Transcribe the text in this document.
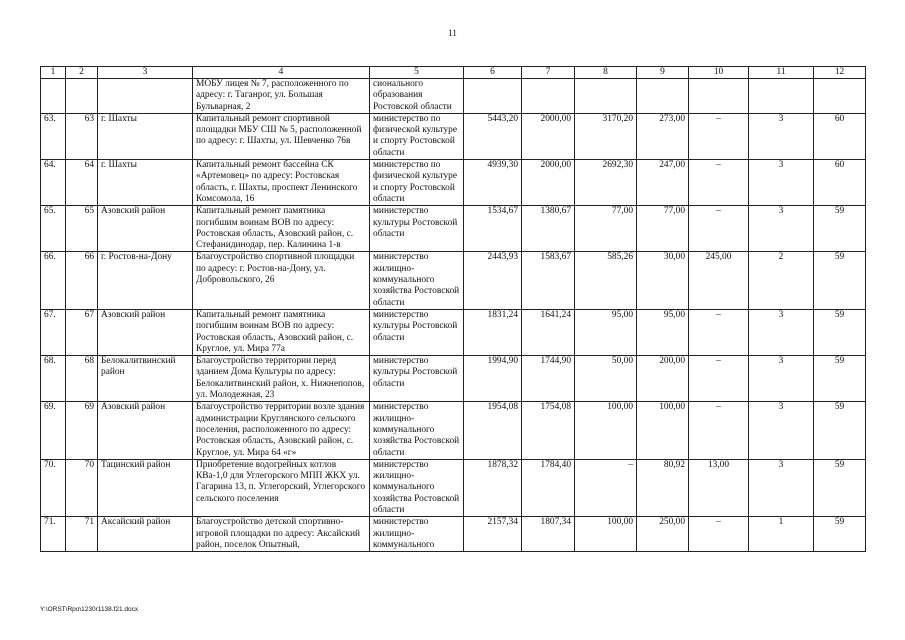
11
1	2	3	4	5	6	7	8	9	10	11	12
			МОБУ лицея № 7, расположенного по адресу: г. Таганрог, ул. Большая Бульварная, 2	сионального образования Ростовской области							
63.	63	г. Шахты	Капитальный ремонт спортивной площадки МБУ СШ № 5, расположенной по адресу: г. Шахты, ул. Шевченко 76в	министерство по физической культуре и спорту Ростовской области	5443,20	2000,00	3170,20	273,00	–	3	60
64.	64	г. Шахты	Капитальный ремонт бассейна СК «Артемовец» по адресу: Ростовская область, г. Шахты, проспект Ленинского Комсомола, 16	министерство по физической культуре и спорту Ростовской области	4939,30	2000,00	2692,30	247,00	–	3	60
65.	65	Азовский район	Капитальный ремонт памятника погибшим воинам ВОВ по адресу: Ростовская область, Азовский район, с. Стефанидинодар, пер. Калинина 1-в	министерство культуры Ростовской области	1534,67	1380,67	77,00	77,00	–	3	59
66.	66	г. Ростов-на-Дону	Благоустройство спортивной площадки по адресу: г. Ростов-на-Дону, ул. Добровольского, 26	министерство жилищно-коммунального хозяйства Ростовской области	2443,93	1583,67	585,26	30,00	245,00	2	59
67.	67	Азовский район	Капитальный ремонт памятника погибшим воинам ВОВ по адресу: Ростовская область, Азовский район, с. Круглое, ул. Мира 77а	министерство культуры Ростовской области	1831,24	1641,24	95,00	95,00	–	3	59
68.	68	Белокалитвинский район	Благоустройство территории перед зданием Дома Культуры по адресу: Белокалитвинский район, х. Нижнепопов, ул. Молодежная, 23	министерство культуры Ростовской области	1994,90	1744,90	50,00	200,00	–	3	59
69.	69	Азовский район	Благоустройство территории возле здания администрации Круглянского сельского поселения, расположенного по адресу: Ростовская область, Азовский район, с. Круглое, ул. Мира 64 «г»	министерство жилищно-коммунального хозяйства Ростовской области	1954,08	1754,08	100,00	100,00	–	3	59
70.	70	Тацинский район	Приобретение водогрейных котлов КВа-1,0 для Углегорского МПП ЖКХ ул. Гагарина 13, п. Углегорский, Углегорского сельского поселения	министерство жилищно-коммунального хозяйства Ростовской области	1878,32	1784,40	–	80,92	13,00	3	59
71.	71	Аксайский район	Благоустройство детской спортивно-игровой площадки по адресу: Аксайский район, поселок Опытный,	министерство жилищно-коммунального	2157,34	1807,34	100,00	250,00	–	1	59
Y:\ORST\Rpo\1230r1138.f21.docx
